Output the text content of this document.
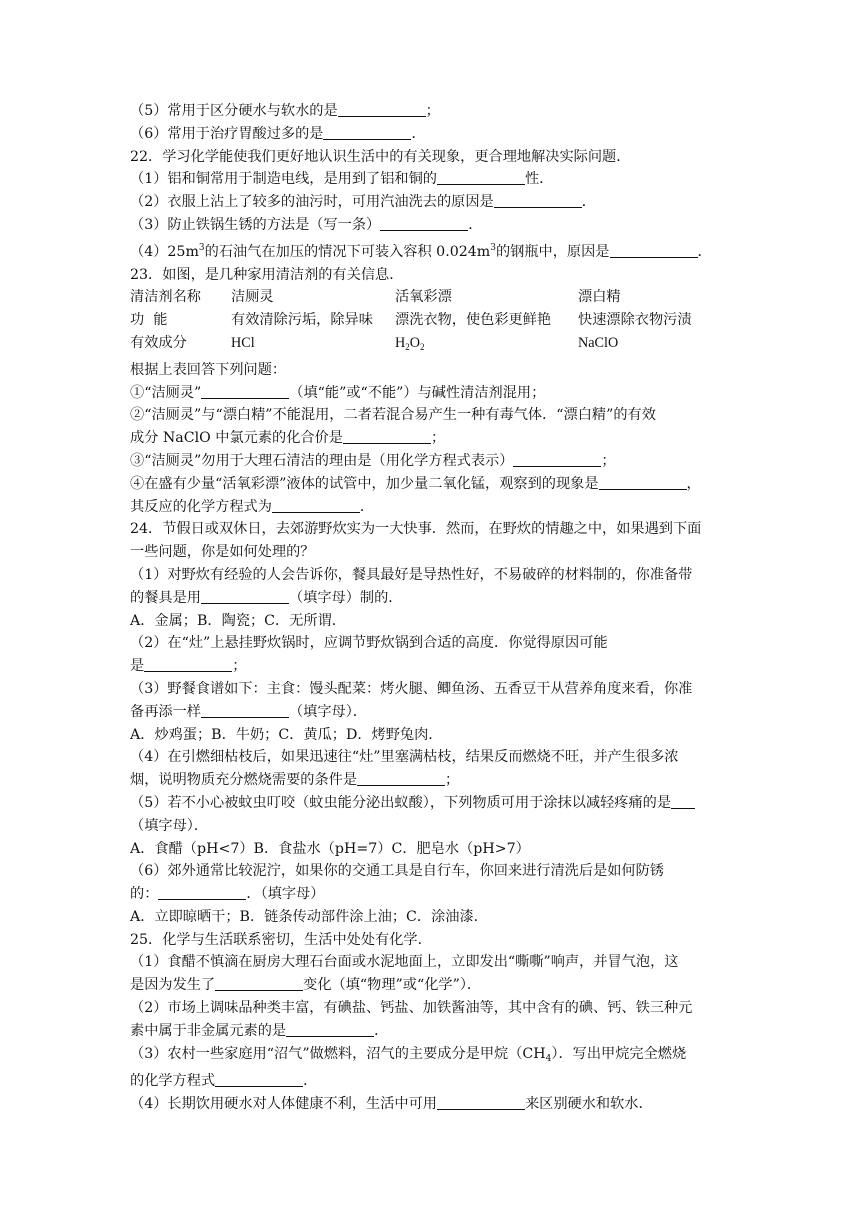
（5）常用于区分硬水与软水的是	；

（6）常用于治疗胃酸过多的是	．

22．学习化学能使我们更好地认识生活中的有关现象，更合理地解决实际问题．

（1）铝和铜常用于制造电线，是用到了铝和铜的	性．

（2）衣服上沾上了较多的油污时，可用汽油洗去的原因是	．

（3）防止铁锅生锈的方法是（写一条）	．

$(4)25m^3$的石油气在加压的情况下可装入容积 $0.024m^3$的钢瓶中，原因是	．

23．如图，是几种家用清洁剂的有关信息．

清洁剂名称	洁厕灵	活氧彩漂	漂白精
功  能	有效清除污垢，除异味	漂洗衣物，使色彩更鲜艳	快速漂除衣物污渍
有效成分	HCl	$H_2O_2$	NaClO

根据上表回答下列问题：

①“洁厕灵”	（填“能”或“不能”）与碱性清洁剂混用；

②“洁厕灵”与“漂白精”不能混用，二者若混合易产生一种有毒气体．“漂白精”的有效

成分 NaClO 中氯元素的化合价是	；

③“洁厕灵”勿用于大理石清洁的理由是（用化学方程式表示）	；

④在盛有少量“活氧彩漂”液体的试管中，加少量二氧化锰，观察到的现象是	，

其反应的化学方程式为	．

24．节假日或双休日，去郊游野炊实为一大快事．然而，在野炊的情趣之中，如果遇到下面

一些问题，你是如何处理的？

（1）对野炊有经验的人会告诉你，餐具最好是导热性好，不易破碎的材料制的，你准备带

的餐具是用	（填字母）制的．

A．金属；B．陶瓷；C．无所谓．

（2）在“灶”上悬挂野炊锅时，应调节野炊锅到合适的高度．你觉得原因可能

是	；

（3）野餐食谱如下：主食：馒头配菜：烤火腿、鲫鱼汤、五香豆干从营养角度来看，你准

备再添一样	（填字母）．

A．炒鸡蛋；B．牛奶；C．黄瓜；D．烤野兔肉．

（4）在引燃细枯枝后，如果迅速往“灶”里塞满枯枝，结果反而燃烧不旺，并产生很多浓

烟，说明物质充分燃烧需要的条件是	；

（5）若不小心被蚊虫叮咬（蚊虫能分泌出蚁酸），下列物质可用于涂抹以减轻疼痛的是

（填字母）．

A．食醋（pH<7）B．食盐水（pH=7）C．肥皂水（pH>7）

（6）郊外通常比较泥泞，如果你的交通工具是自行车，你回来进行清洗后是如何防锈

的：	．（填字母）

A．立即晾晒干；B．链条传动部件涂上油；C．涂油漆．

25．化学与生活联系密切，生活中处处有化学．

（1）食醋不慎滴在厨房大理石台面或水泥地面上，立即发出“嘶嘶”响声，并冒气泡，这

是因为发生了	变化（填“物理”或“化学”）．

（2）市场上调味品种类丰富，有碘盐、钙盐、加铁酱油等，其中含有的碘、钙、铁三种元

素中属于非金属元素的是	．

（3）农村一些家庭用“沼气”做燃料，沼气的主要成分是甲烷$(CH_4)$．写出甲烷完全燃烧

的化学方程式	．

（4）长期饮用硬水对人体健康不利，生活中可用	来区别硬水和软水．
